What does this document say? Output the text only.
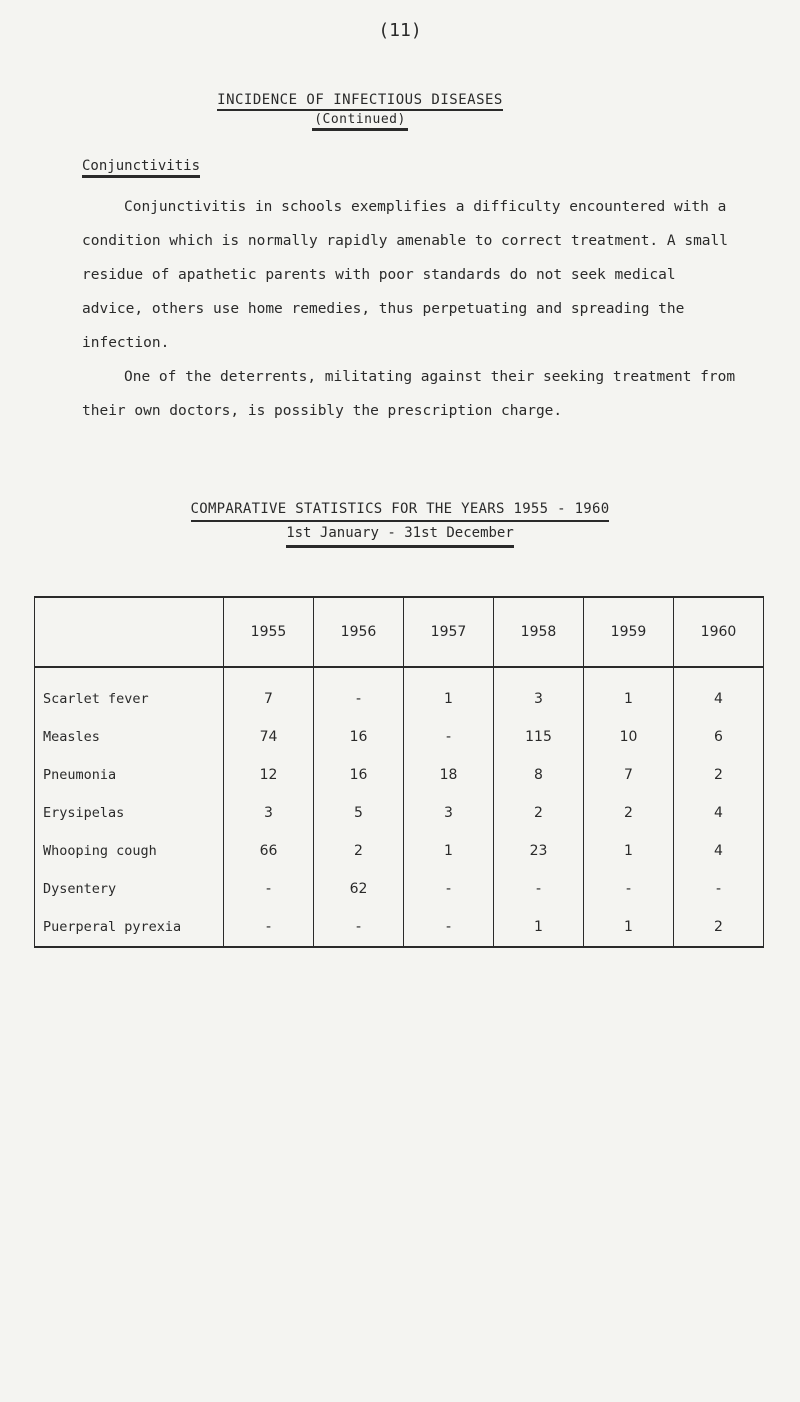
(11)
INCIDENCE OF INFECTIOUS DISEASES
(Continued)
Conjunctivitis
Conjunctivitis in schools exemplifies a difficulty encountered with a condition which is normally rapidly amenable to correct treatment. A small residue of apathetic parents with poor standards do not seek medical advice, others use home remedies, thus perpetuating and spreading the infection.
One of the deterrents, militating against their seeking treatment from their own doctors, is possibly the prescription charge.
COMPARATIVE STATISTICS FOR THE YEARS 1955 - 1960
1st January - 31st December
	1955	1956	1957	1958	1959	1960
Scarlet fever	7	-	1	3	1	4
Measles	74	16	-	115	10	6
Pneumonia	12	16	18	8	7	2
Erysipelas	3	5	3	2	2	4
Whooping cough	66	2	1	23	1	4
Dysentery	-	62	-	-	-	-
Puerperal pyrexia	-	-	-	1	1	2
